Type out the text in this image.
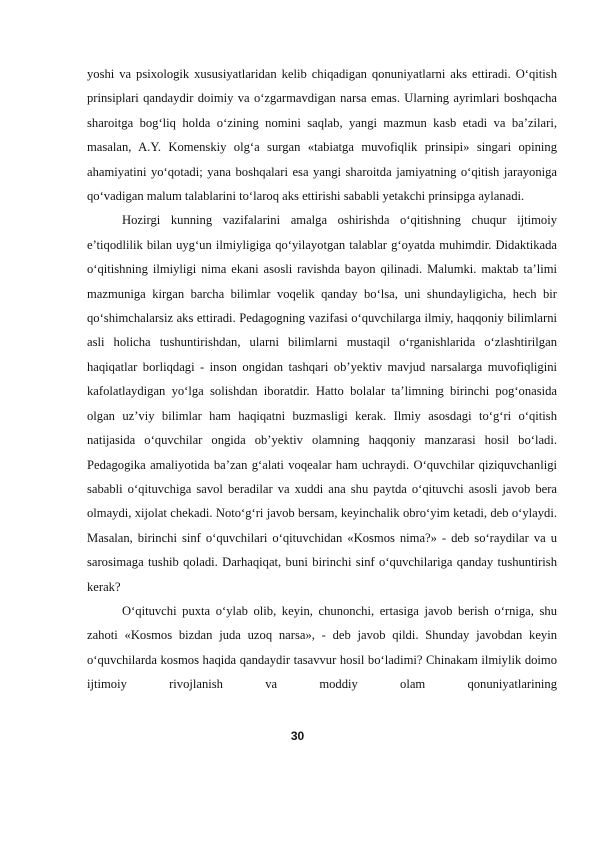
yoshi va psixologik xususiyatlaridan kelib chiqadigan qonuniyatlarni aks ettiradi. O‘qitish prinsiplari qandaydir doimiy va o‘zgarmavdigan narsa emas. Ularning ayrimlari boshqacha sharoitga bog‘liq holda o‘zining nomini saqlab, yangi mazmun kasb etadi va ba’zilari, masalan, A.Y. Komenskiy olg‘a surgan «tabiatga muvofiqlik prinsipi» singari opining ahamiyatini yo‘qotadi; yana boshqalari esa yangi sharoitda jamiyatning o‘qitish jarayoniga qo‘vadigan malum talablarini to‘laroq aks ettirishi sababli yetakchi prinsipga aylanadi.

Hozirgi kunning vazifalarini amalga oshirishda o‘qitishning chuqur ijtimoiy e’tiqodlilik bilan uyg‘un ilmiyligiga qo‘yilayotgan talablar g‘oyatda muhimdir. Didaktikada o‘qitishning ilmiyligi nima ekani asosli ravishda bayon qilinadi. Malumki. maktab ta’limi mazmuniga kirgan barcha bilimlar voqelik qanday bo‘lsa, uni shundayligicha, hech bir qo‘shimchalarsiz aks ettiradi. Pedagogning vazifasi o‘quvchilarga ilmiy, haqqoniy bilimlarni asli holicha tushuntirishdan, ularni bilimlarni mustaqil o‘rganishlarida o‘zlashtirilgan haqiqatlar borliqdagi - inson ongidan tashqari ob’yektiv mavjud narsalarga muvofiqligini kafolatlaydigan yo‘lga solishdan iboratdir. Hatto bolalar ta’limning birinchi pog‘onasida olgan uz’viy bilimlar ham haqiqatni buzmasligi kerak. Ilmiy asosdagi to‘g‘ri o‘qitish natijasida o‘quvchilar ongida ob’yektiv olamning haqqoniy manzarasi hosil bo‘ladi. Pedagogika amaliyotida ba’zan g‘alati voqealar ham uchraydi. O‘quvchilar qiziquvchanligi sababli o‘qituvchiga savol beradilar va xuddi ana shu paytda o‘qituvchi asosli javob bera olmaydi, xijolat chekadi. Noto‘g‘ri javob bersam, keyinchalik obro‘yim ketadi, deb o‘ylaydi. Masalan, birinchi sinf o‘quvchilari o‘qituvchidan «Kosmos nima?» - deb so‘raydilar va u sarosimaga tushib qoladi. Darhaqiqat, buni birinchi sinf o‘quvchilariga qanday tushuntirish kerak?

O‘qituvchi puxta o‘ylab olib, keyin, chunonchi, ertasiga javob berish o‘rniga, shu zahoti «Kosmos bizdan juda uzoq narsa», - deb javob qildi. Shunday javobdan keyin o‘quvchilarda kosmos haqida qandaydir tasavvur hosil bo‘ladimi? Chinakam ilmiylik doimo ijtimoiy rivojlanish va moddiy olam qonuniyatlarining

30
